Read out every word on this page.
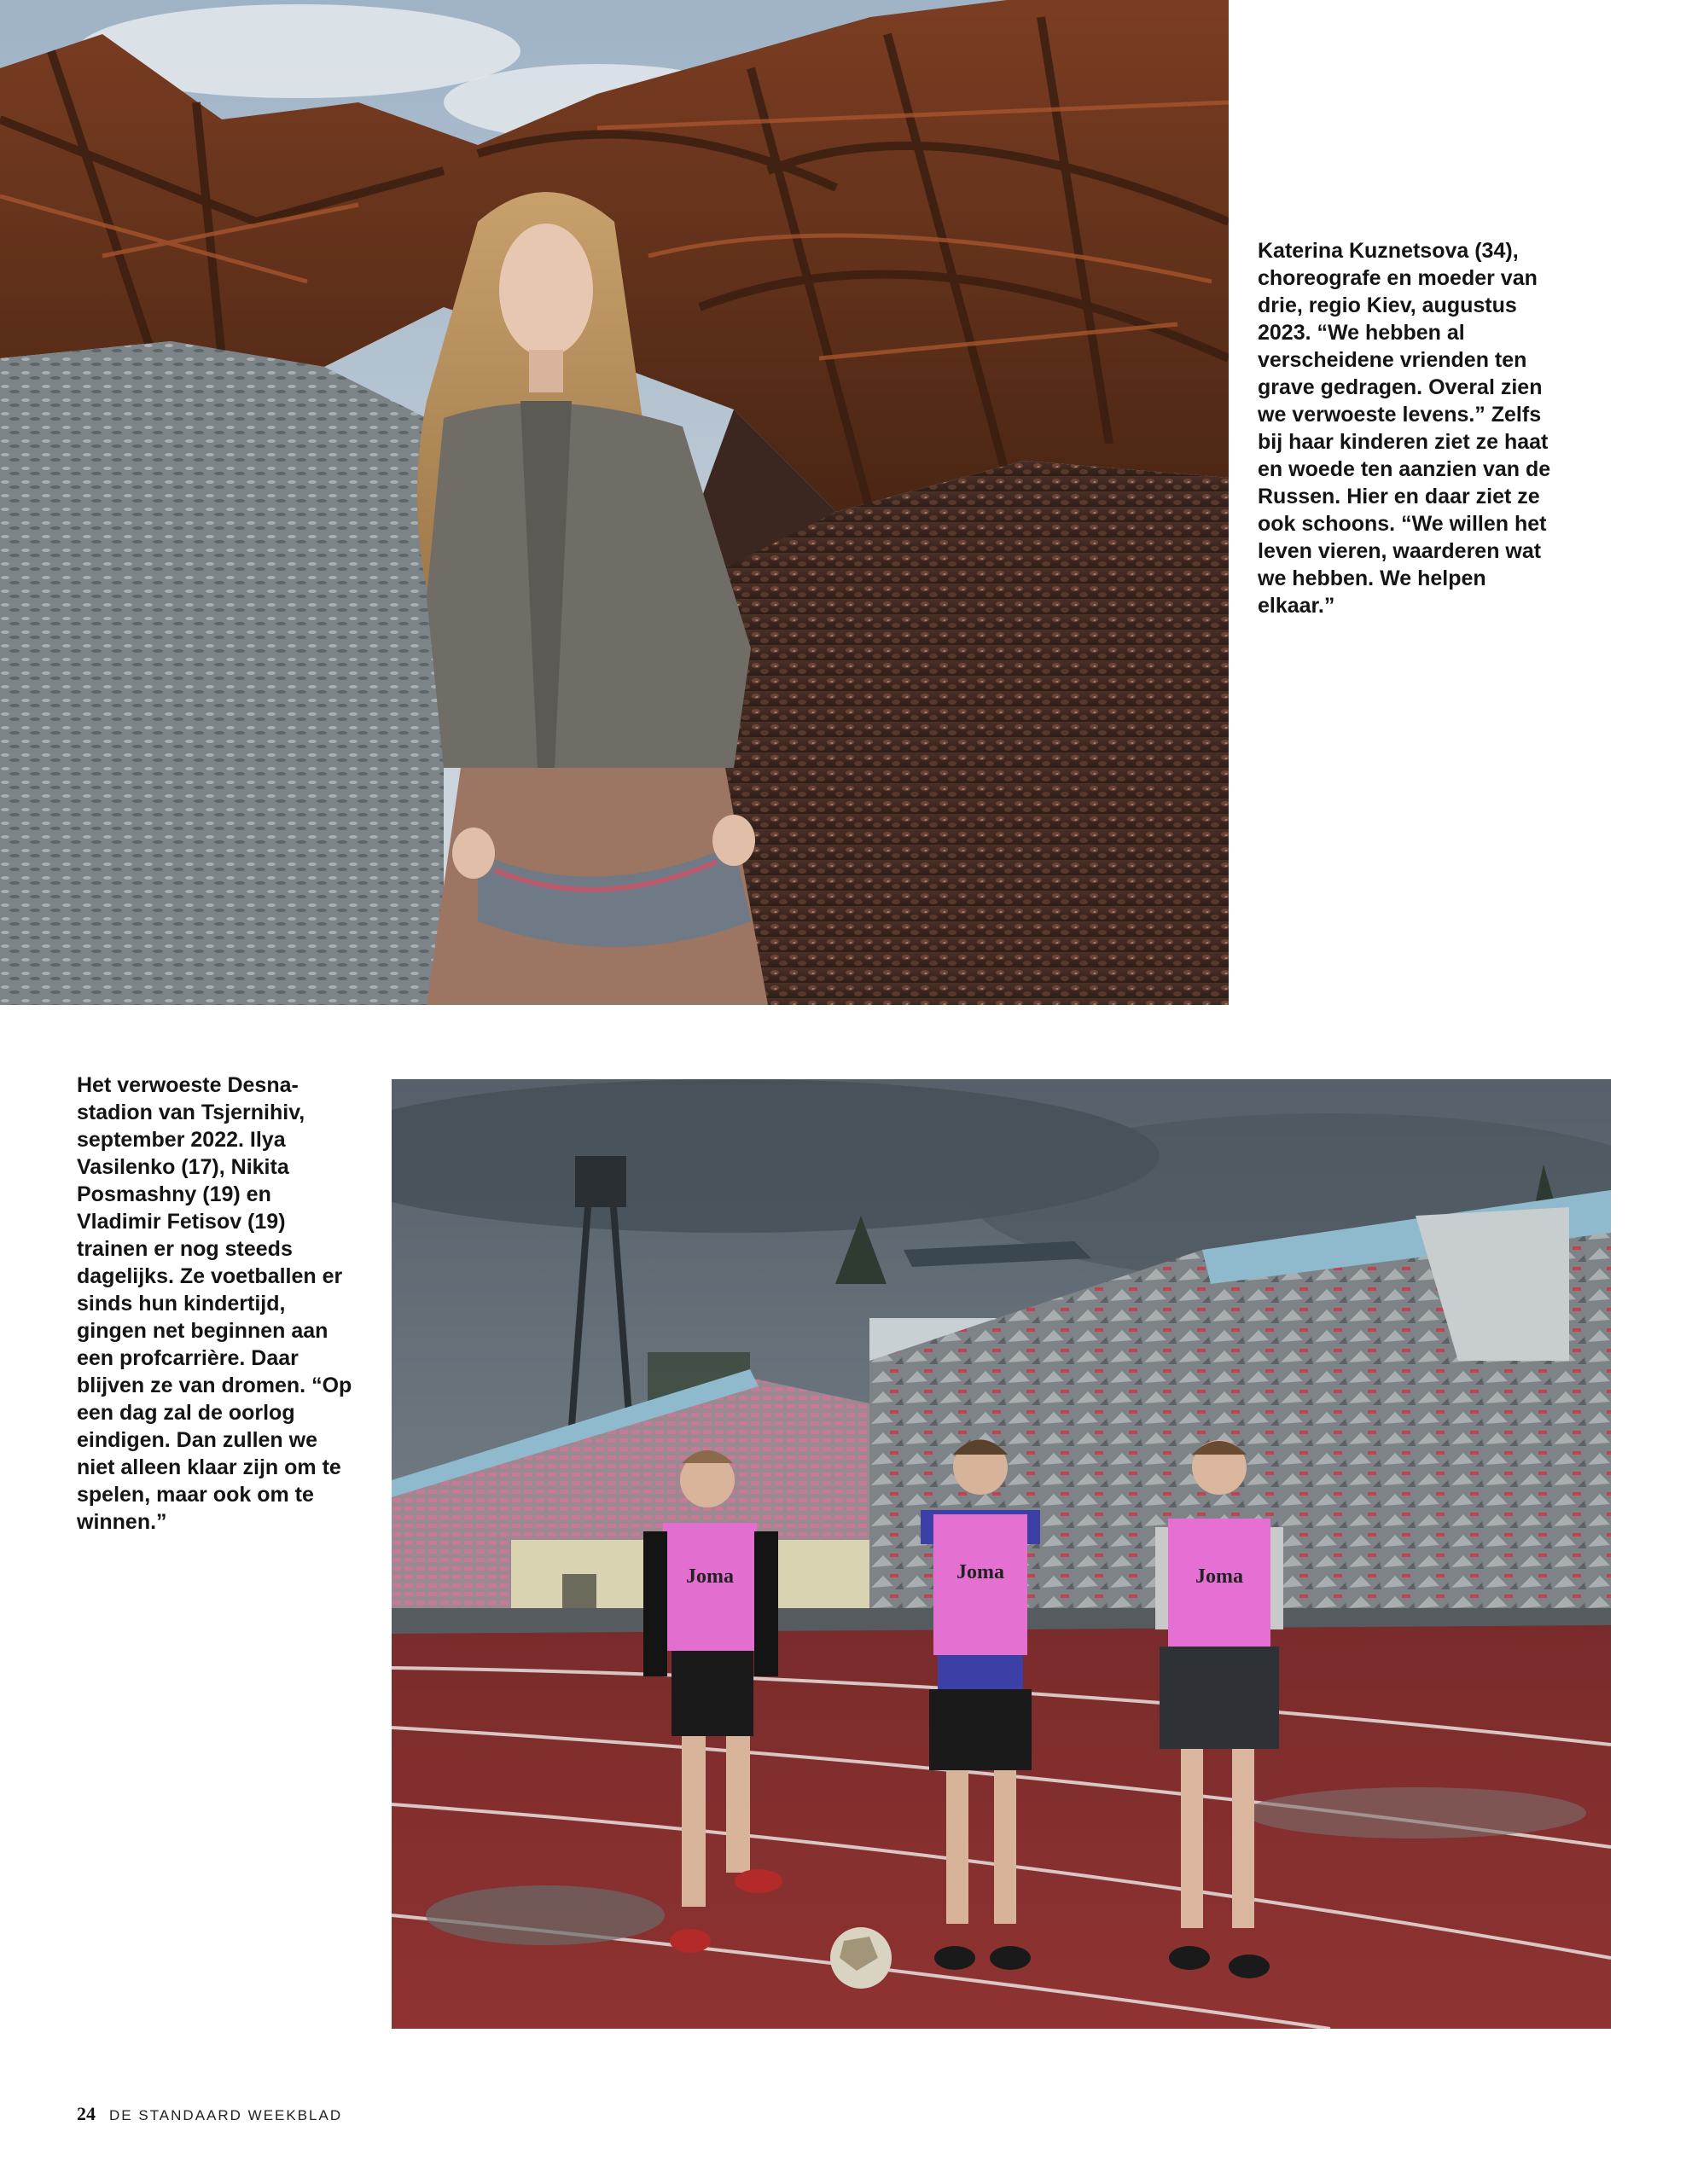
Katerina Kuznetsova (34),
choreografe en moeder van
drie, regio Kiev, augustus
2023. “We hebben al
verscheidene vrienden ten
grave gedragen. Overal zien
we verwoeste levens.” Zelfs
bij haar kinderen ziet ze haat
en woede ten aanzien van de
Russen. Hier en daar ziet ze
ook schoons. “We willen het
leven vieren, waarderen wat
we hebben. We helpen
elkaar.”

Het verwoeste Desna-
stadion van Tsjernihiv,
september 2022. Ilya
Vasilenko (17), Nikita
Posmashny (19) en
Vladimir Fetisov (19)
trainen er nog steeds
dagelijks. Ze voetballen er
sinds hun kindertijd,
gingen net beginnen aan
een profcarrière. Daar
blijven ze van dromen. “Op
een dag zal de oorlog
eindigen. Dan zullen we
niet alleen klaar zijn om te
spelen, maar ook om te
winnen.”

Joma	Joma	Joma
24 DE STANDAARD WEEKBLAD
